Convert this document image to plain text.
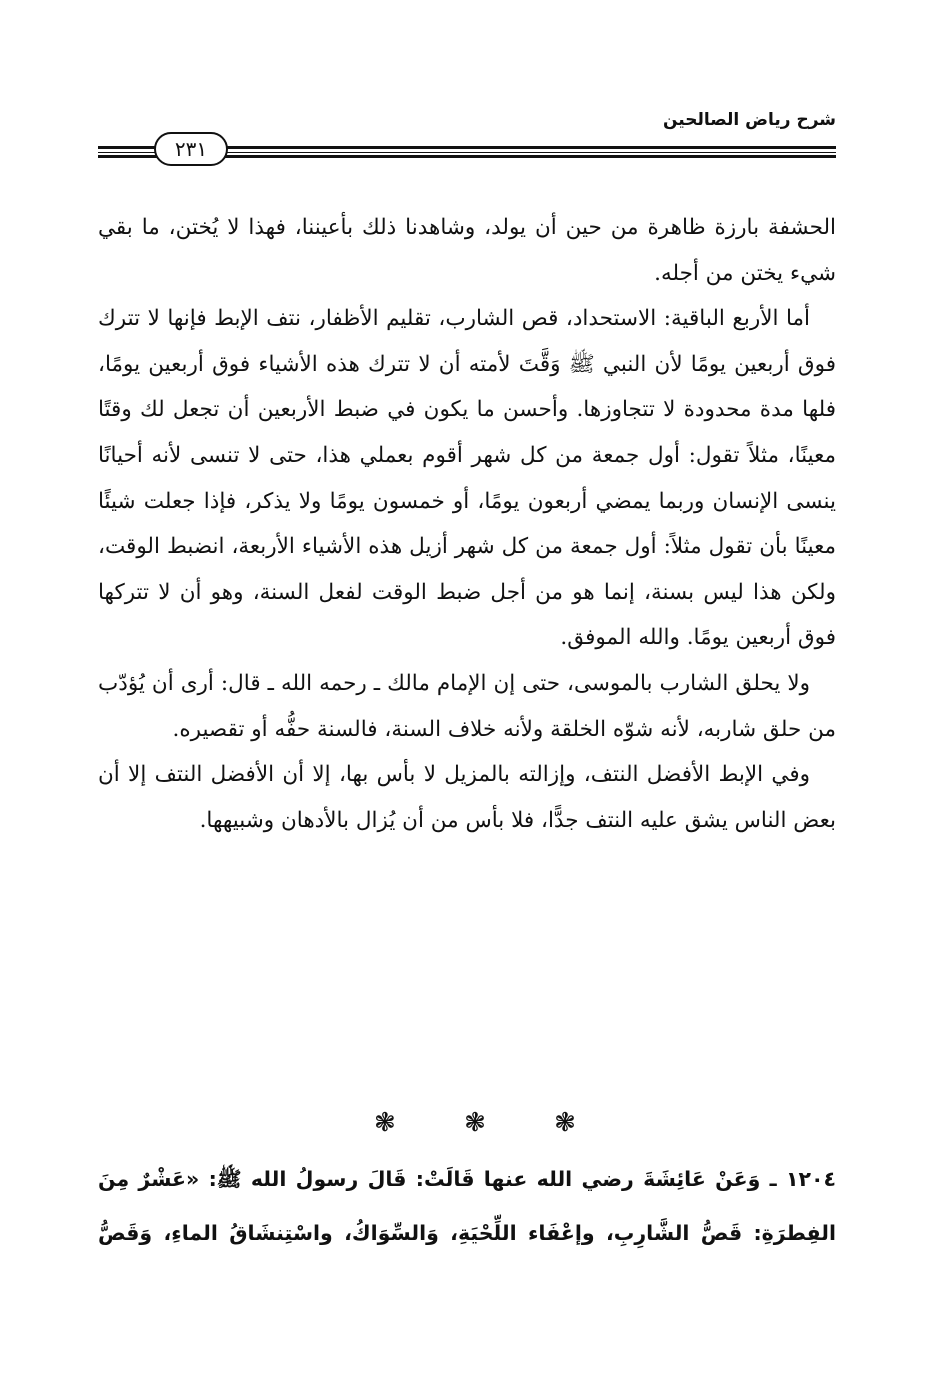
شرح رياض الصالحين
٢٣١

الحشفة بارزة ظاهرة من حين أن يولد، وشاهدنا ذلك بأعيننا، فهذا لا يُختن، ما بقي شيء يختن من أجله.

أما الأربع الباقية: الاستحداد، قص الشارب، تقليم الأظفار، نتف الإبط فإنها لا تترك فوق أربعين يومًا لأن النبي ﷺ وَقَّتَ لأمته أن لا تترك هذه الأشياء فوق أربعين يومًا، فلها مدة محدودة لا تتجاوزها. وأحسن ما يكون في ضبط الأربعين أن تجعل لك وقتًا معينًا، مثلاً تقول: أول جمعة من كل شهر أقوم بعملي هذا، حتى لا تنسى لأنه أحيانًا ينسى الإنسان وربما يمضي أربعون يومًا، أو خمسون يومًا ولا يذكر، فإذا جعلت شيئًا معينًا بأن تقول مثلاً: أول جمعة من كل شهر أزيل هذه الأشياء الأربعة، انضبط الوقت، ولكن هذا ليس بسنة، إنما هو من أجل ضبط الوقت لفعل السنة، وهو أن لا تتركها فوق أربعين يومًا. والله الموفق.

ولا يحلق الشارب بالموسى، حتى إن الإمام مالك ـ رحمه الله ـ قال: أرى أن يُؤدّب من حلق شاربه، لأنه شوّه الخلقة ولأنه خلاف السنة، فالسنة حفُّه أو تقصيره.

وفي الإبط الأفضل النتف، وإزالته بالمزيل لا بأس بها، إلا أن الأفضل النتف إلا أن بعض الناس يشق عليه النتف جدًّا، فلا بأس من أن يُزال بالأدهان وشبيهها.

❃	❃	❃

١٢٠٤ ـ وَعَنْ عَائِشَةَ رضي الله عنها قَالَتْ: قَالَ رسولُ الله ﷺ: «عَشْرٌ مِنَ الفِطرَةِ: قَصُّ الشَّارِبِ، وإعْفَاء اللِّحْيَةِ، وَالسِّوَاكُ، واسْتِنشَاقُ الماءِ، وَقَصُّ
